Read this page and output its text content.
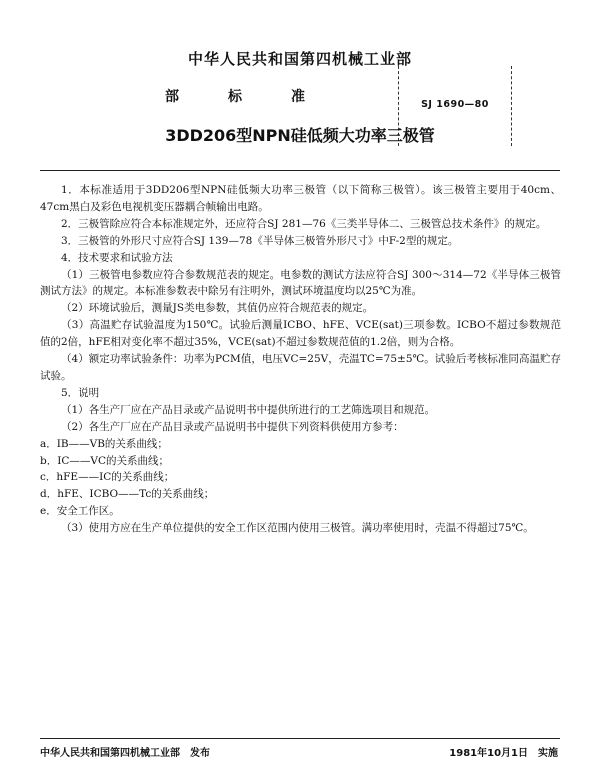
中华人民共和国第四机械工业部
部	标	准	SJ 1690—80
3DD206型NPN硅低频大功率三极管

1．本标准适用于3DD206型NPN硅低频大功率三极管（以下简称三极管）。该三极管主要用于40cm、47cm黑白及彩色电视机变压器耦合帧输出电路。

2．三极管除应符合本标准规定外，还应符合SJ 281—76《三类半导体二、三极管总技术条件》的规定。

3．三极管的外形尺寸应符合SJ 139—78《半导体三极管外形尺寸》中F-2型的规定。

4．技术要求和试验方法

（1）三极管电参数应符合参数规范表的规定。电参数的测试方法应符合SJ 300～314—72《半导体三极管测试方法》的规定。本标准参数表中除另有注明外，测试环境温度均以25℃为准。

（2）环境试验后，测量JS类电参数，其值仍应符合规范表的规定。

（3）高温贮存试验温度为150℃。试验后测量ICBO、hFE、VCE(sat)三项参数。ICBO不超过参数规范值的2倍，hFE相对变化率不超过35%，VCE(sat)不超过参数规范值的1.2倍，则为合格。

（4）额定功率试验条件：功率为PCM值，电压VC=25V，壳温TC=75±5℃。试验后考核标准同高温贮存试验。

5．说明

（1）各生产厂应在产品目录或产品说明书中提供所进行的工艺筛选项目和规范。

（2）各生产厂应在产品目录或产品说明书中提供下列资料供使用方参考：

a．IB——VB的关系曲线；

b．IC——VC的关系曲线；

c．hFE——IC的关系曲线；

d．hFE、ICBO——Tc的关系曲线；

e．安全工作区。

（3）使用方应在生产单位提供的安全工作区范围内使用三极管。满功率使用时，壳温不得超过75℃。

中华人民共和国第四机械工业部　发布	1981年10月1日　实施
